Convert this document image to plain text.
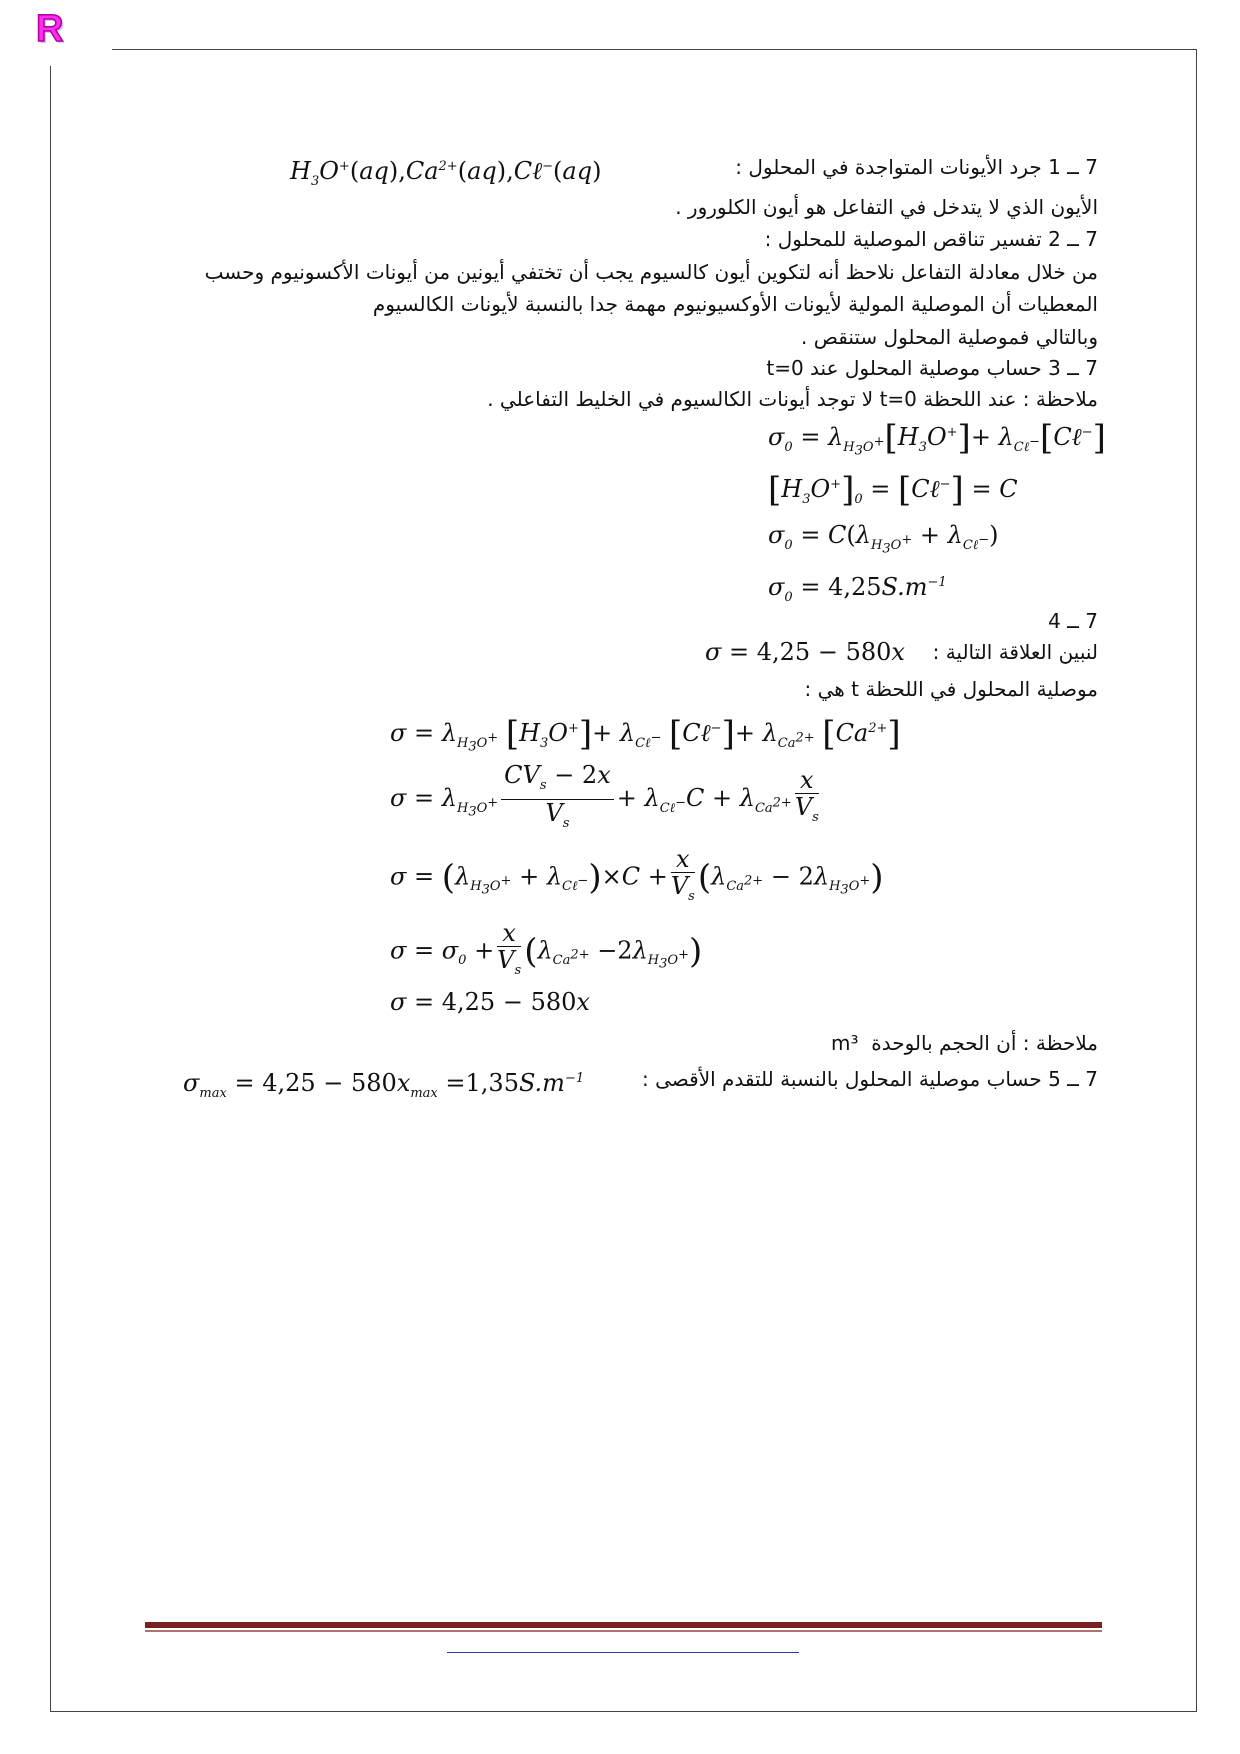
R
7 ــ 1 جرد الأيونات المتواجدة في المحلول :
$H_3O^+(aq),Ca^{2+}(aq),C\ell^-(aq)$
الأيون الذي لا يتدخل في التفاعل هو أيون الكلورور .
7 ــ 2 تفسير تناقص الموصلية للمحلول :
من خلال معادلة التفاعل نلاحظ أنه لتكوين أيون كالسيوم يجب أن تختفي أيونين من أيونات الأكسونيوم وحسب المعطيات أن الموصلية المولية لأيونات الأوكسيونيوم مهمة جدا بالنسبة لأيونات الكالسيوم
وبالتالي فموصلية المحلول ستنقص .
7 ــ 3 حساب موصلية المحلول عند t=0
ملاحظة : عند اللحظة t=0 لا توجد أيونات الكالسيوم في الخليط التفاعلي .
$\sigma_0 = \lambda_{H_3O^+}[H_3O^+]+$ $\lambda_{C\ell^-}[C\ell^-]$
$[H_3O^+]_0$ = [Cℓ−] = C
$\sigma_0 = C(\lambda_{H_3O^+} + \lambda_{C\ell^-})$
$\sigma_0 = 4,25S.m^{-1}$
7 ــ 4
لنبين العلاقة التالية :
σ = 4,25 − 580x
موصلية المحلول في اللحظة t هي :
$\sigma = \lambda_{H_3O^+}$ $[H_3O^+]+ \lambda_{C\ell^-}$ [Cℓ−]+ $\lambda_{Ca^{2+}}$ $[Ca^{2+}]$
$\sigma = \lambda_{H_3O^+}$
$CV_s - 2x$
$V_s$
+ $\lambda_{C\ell^-}C + \lambda_{Ca^{2+}} \frac{x}{V_s}$
$\sigma = (\lambda_{H_3O^+} + \lambda_{C\ell^-})\times C + \frac{x}{V_s} (\lambda_{Ca^{2+}} - 2\lambda_{H_3O^+})$
$\sigma = \sigma_0 + \frac{x}{V_s} (\lambda_{Ca^{2+}} -2\lambda_{H_3O^+})$
σ = 4,25 − 580x
ملاحظة : أن الحجم بالوحدة  m³
7 ــ 5 حساب موصلية المحلول بالنسبة للتقدم الأقصى :
$\sigma_{max} = 4,25 - 580x_{max} =1,35S.m^{-1}$
